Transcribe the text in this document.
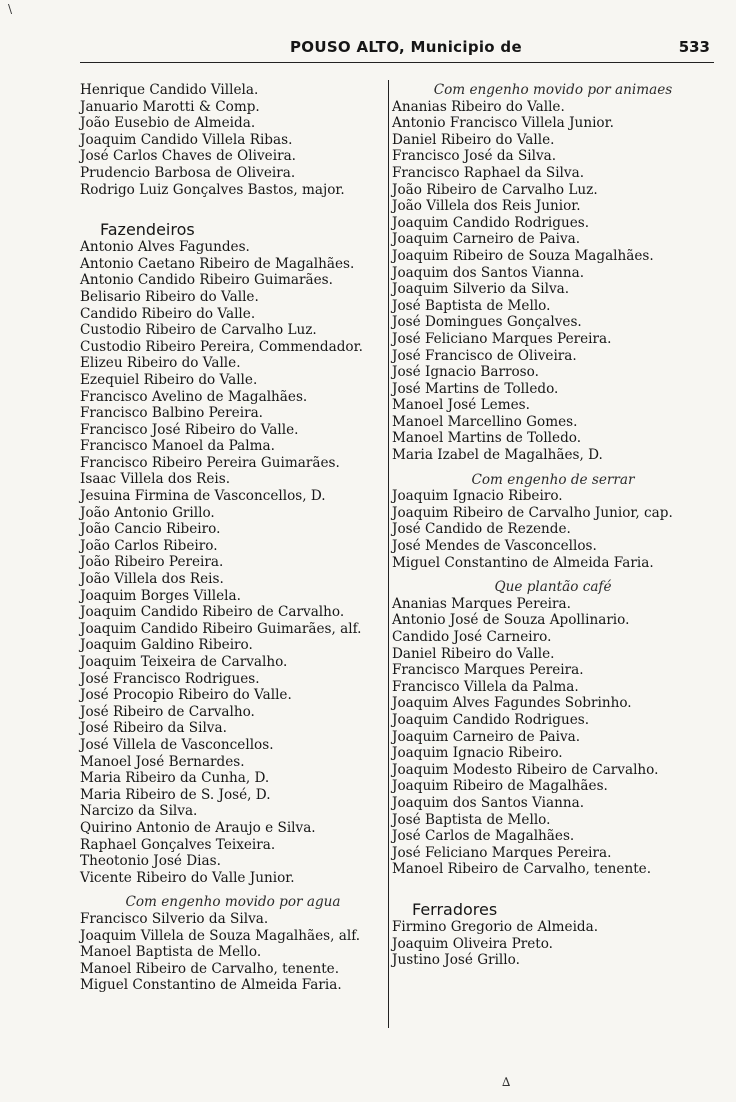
POUSO ALTO, Municipio de	533
Henrique Candido Villela.
Januario Marotti & Comp.
João Eusebio de Almeida.
Joaquim Candido Villela Ribas.
José Carlos Chaves de Oliveira.
Prudencio Barbosa de Oliveira.
Rodrigo Luiz Gonçalves Bastos, major.
Fazendeiros
Antonio Alves Fagundes.
Antonio Caetano Ribeiro de Magalhães.
Antonio Candido Ribeiro Guimarães.
Belisario Ribeiro do Valle.
Candido Ribeiro do Valle.
Custodio Ribeiro de Carvalho Luz.
Custodio Ribeiro Pereira, Commendador.
Elizeu Ribeiro do Valle.
Ezequiel Ribeiro do Valle.
Francisco Avelino de Magalhães.
Francisco Balbino Pereira.
Francisco José Ribeiro do Valle.
Francisco Manoel da Palma.
Francisco Ribeiro Pereira Guimarães.
Isaac Villela dos Reis.
Jesuina Firmina de Vasconcellos, D.
João Antonio Grillo.
João Cancio Ribeiro.
João Carlos Ribeiro.
João Ribeiro Pereira.
João Villela dos Reis.
Joaquim Borges Villela.
Joaquim Candido Ribeiro de Carvalho.
Joaquim Candido Ribeiro Guimarães, alf.
Joaquim Galdino Ribeiro.
Joaquim Teixeira de Carvalho.
José Francisco Rodrigues.
José Procopio Ribeiro do Valle.
José Ribeiro de Carvalho.
José Ribeiro da Silva.
José Villela de Vasconcellos.
Manoel José Bernardes.
Maria Ribeiro da Cunha, D.
Maria Ribeiro de S. José, D.
Narcizo da Silva.
Quirino Antonio de Araujo e Silva.
Raphael Gonçalves Teixeira.
Theotonio José Dias.
Vicente Ribeiro do Valle Junior.
Com engenho movido por agua
Francisco Silverio da Silva.
Joaquim Villela de Souza Magalhães, alf.
Manoel Baptista de Mello.
Manoel Ribeiro de Carvalho, tenente.
Miguel Constantino de Almeida Faria.
Com engenho movido por animaes
Ananias Ribeiro do Valle.
Antonio Francisco Villela Junior.
Daniel Ribeiro do Valle.
Francisco José da Silva.
Francisco Raphael da Silva.
João Ribeiro de Carvalho Luz.
João Villela dos Reis Junior.
Joaquim Candido Rodrigues.
Joaquim Carneiro de Paiva.
Joaquim Ribeiro de Souza Magalhães.
Joaquim dos Santos Vianna.
Joaquim Silverio da Silva.
José Baptista de Mello.
José Domingues Gonçalves.
José Feliciano Marques Pereira.
José Francisco de Oliveira.
José Ignacio Barroso.
José Martins de Tolledo.
Manoel José Lemes.
Manoel Marcellino Gomes.
Manoel Martins de Tolledo.
Maria Izabel de Magalhães, D.
Com engenho de serrar
Joaquim Ignacio Ribeiro.
Joaquim Ribeiro de Carvalho Junior, cap.
José Candido de Rezende.
José Mendes de Vasconcellos.
Miguel Constantino de Almeida Faria.
Que plantão café
Ananias Marques Pereira.
Antonio José de Souza Apollinario.
Candido José Carneiro.
Daniel Ribeiro do Valle.
Francisco Marques Pereira.
Francisco Villela da Palma.
Joaquim Alves Fagundes Sobrinho.
Joaquim Candido Rodrigues.
Joaquim Carneiro de Paiva.
Joaquim Ignacio Ribeiro.
Joaquim Modesto Ribeiro de Carvalho.
Joaquim Ribeiro de Magalhães.
Joaquim dos Santos Vianna.
José Baptista de Mello.
José Carlos de Magalhães.
José Feliciano Marques Pereira.
Manoel Ribeiro de Carvalho, tenente.
Ferradores
Firmino Gregorio de Almeida.
Joaquim Oliveira Preto.
Justino José Grillo.
\
∆
